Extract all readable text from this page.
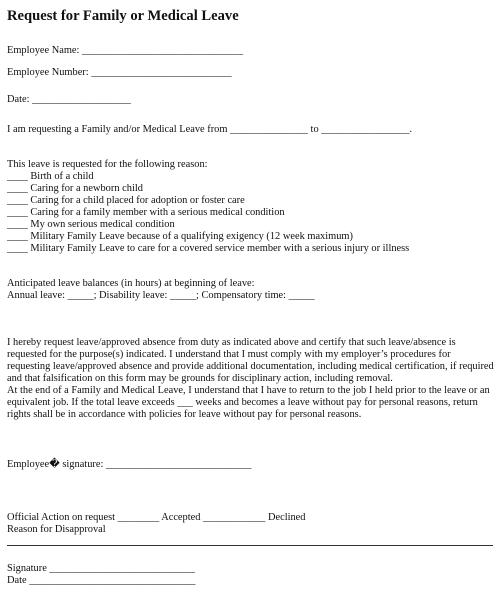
Request for Family or Medical Leave
Employee Name: _______________________________
Employee Number: ___________________________
Date: ___________________
I am requesting a Family and/or Medical Leave from _______________ to _________________.
This leave is requested for the following reason:
____ Birth of a child
____ Caring for a newborn child
____ Caring for a child placed for adoption or foster care
____ Caring for a family member with a serious medical condition
____ My own serious medical condition
____ Military Family Leave because of a qualifying exigency (12 week maximum)
____ Military Family Leave to care for a covered service member with a serious injury or illness
Anticipated leave balances (in hours) at beginning of leave:
Annual leave: _____; Disability leave: _____; Compensatory time: _____

I hereby request leave/approved absence from duty as indicated above and certify that such leave/absence is requested for the purpose(s) indicated. I understand that I must comply with my employer’s procedures for requesting leave/approved absence and provide additional documentation, including medical certification, if required and that falsification on this form may be grounds for disciplinary action, including removal.

At the end of a Family and Medical Leave, I understand that I have to return to the job I held prior to the leave or an equivalent job. If the total leave exceeds ___ weeks and becomes a leave without pay for personal reasons, return rights shall be in accordance with policies for leave without pay for personal reasons.

Employee� signature: ____________________________
Official Action on request ________ Accepted ____________ Declined
Reason for Disapproval
Signature ____________________________
Date ________________________________
